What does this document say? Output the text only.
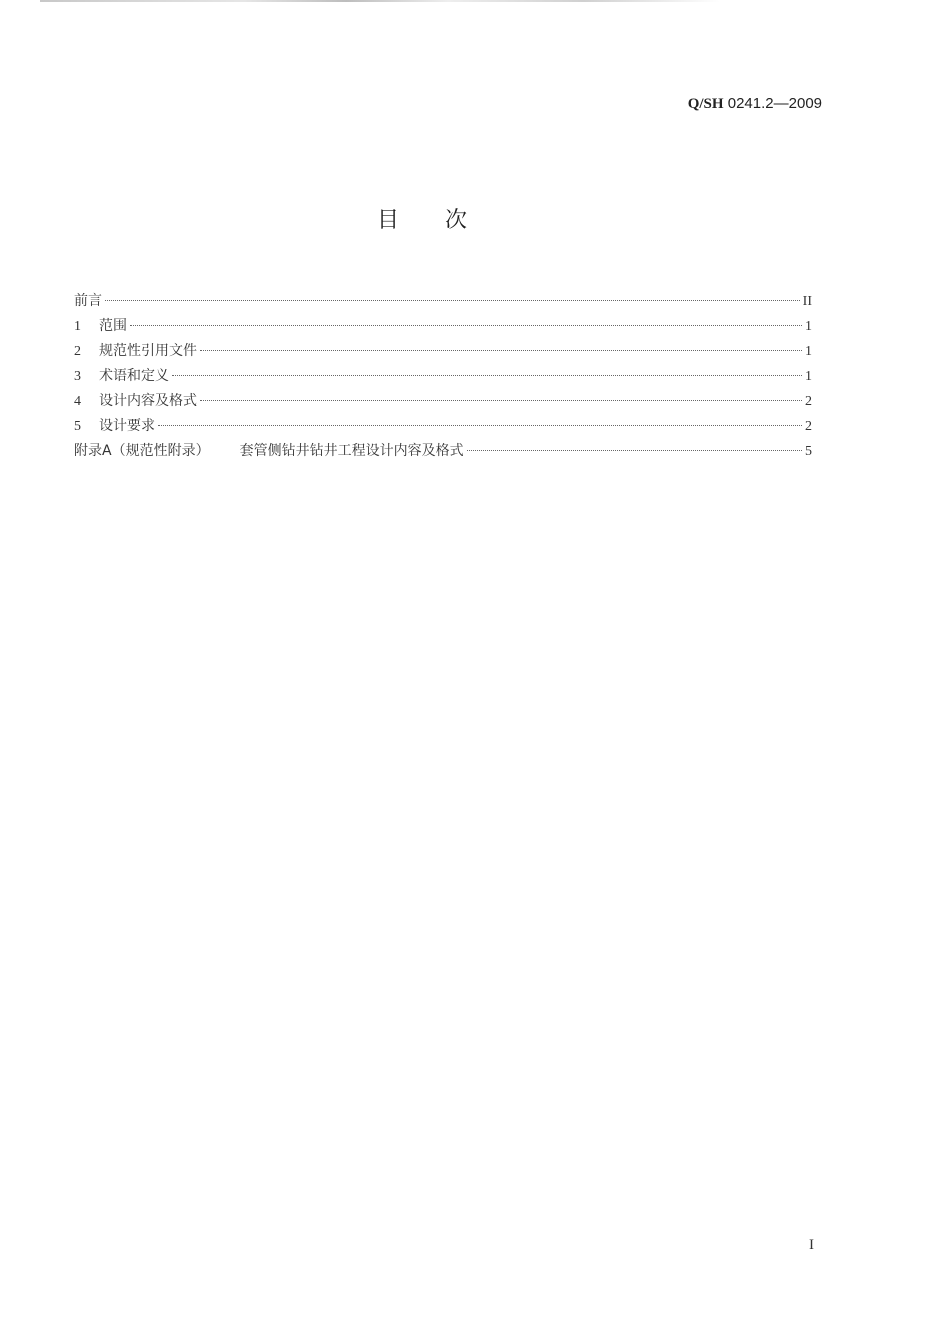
Q/SH 0241.2—2009
目次
前言	II
1	范围	1
2	规范性引用文件	1
3	术语和定义	1
4	设计内容及格式	2
5	设计要求	2
附录A（规范性附录） 套管侧钻井钻井工程设计内容及格式	5
I
